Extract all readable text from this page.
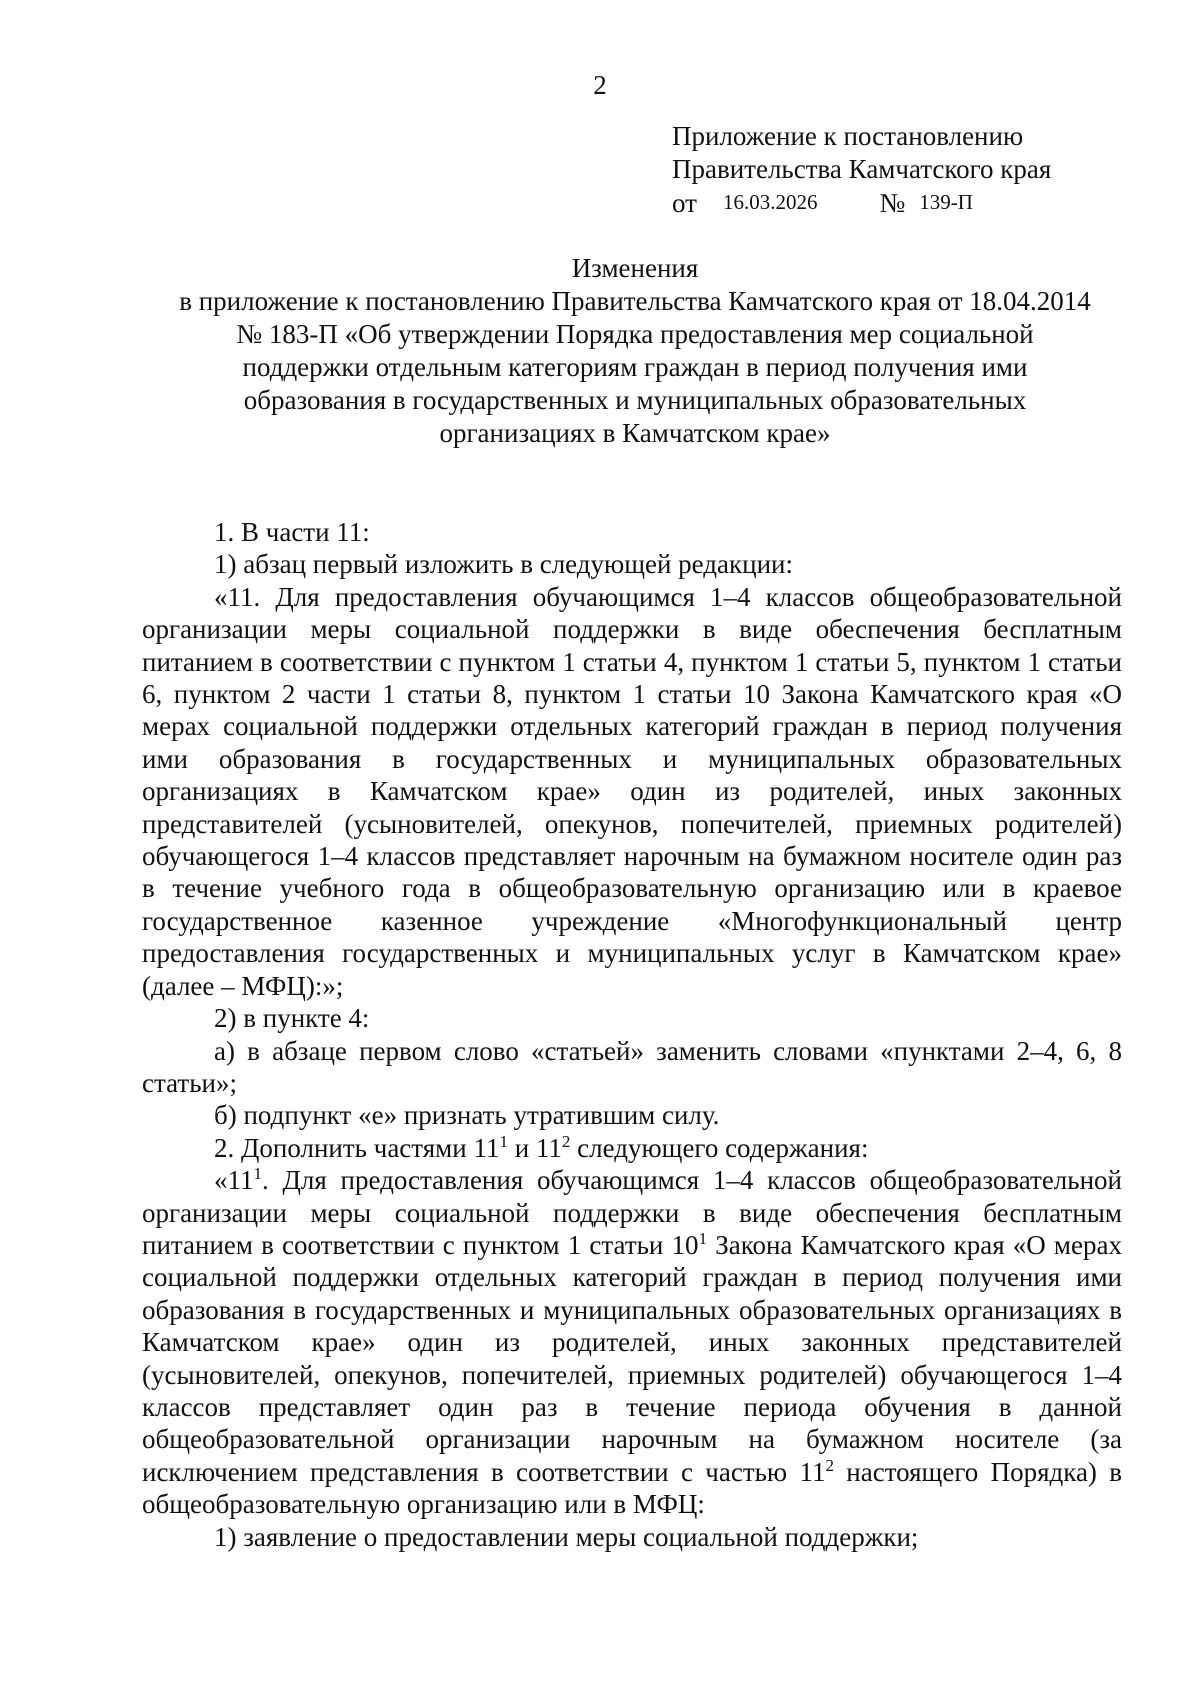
2
Приложение к постановлению
Правительства Камчатского края
от 16.03.2026 № 139-П
Изменения
в приложение к постановлению Правительства Камчатского края от 18.04.2014
№ 183-П «Об утверждении Порядка предоставления мер социальной
поддержки отдельным категориям граждан в период получения ими
образования в государственных и муниципальных образовательных
организациях в Камчатском крае»

1. В части 11:

1) абзац первый изложить в следующей редакции:

«11. Для предоставления обучающимся 1–4 классов общеобразовательной организации меры социальной поддержки в виде обеспечения бесплатным питанием в соответствии с пунктом 1 статьи 4, пунктом 1 статьи 5, пунктом 1 статьи 6, пунктом 2 части 1 статьи 8, пунктом 1 статьи 10 Закона Камчатского края «О мерах социальной поддержки отдельных категорий граждан в период получения ими образования в государственных и муниципальных образовательных организациях в Камчатском крае» один из родителей, иных законных представителей (усыновителей, опекунов, попечителей, приемных родителей) обучающегося 1–4 классов представляет нарочным на бумажном носителе один раз в течение учебного года в общеобразовательную организацию или в краевое государственное казенное учреждение «Многофункциональный центр предоставления государственных и муниципальных услуг в Камчатском крае» (далее – МФЦ):»;

2) в пункте 4:

а) в абзаце первом слово «статьей» заменить словами «пунктами 2–4, 6, 8 статьи»;

б) подпункт «е» признать утратившим силу.

2. Дополнить частями $11^1$ и $11^2$ следующего содержания:

«$11^1$. Для предоставления обучающимся 1–4 классов общеобразовательной организации меры социальной поддержки в виде обеспечения бесплатным питанием в соответствии с пунктом 1 статьи $10^1$ Закона Камчатского края «О мерах социальной поддержки отдельных категорий граждан в период получения ими образования в государственных и муниципальных образовательных организациях в Камчатском крае» один из родителей, иных законных представителей (усыновителей, опекунов, попечителей, приемных родителей) обучающегося 1–4 классов представляет один раз в течение периода обучения в данной общеобразовательной организации нарочным на бумажном носителе (за исключением представления в соответствии с частью $11^2$ настоящего Порядка) в общеобразовательную организацию или в МФЦ:

1) заявление о предоставлении меры социальной поддержки;
